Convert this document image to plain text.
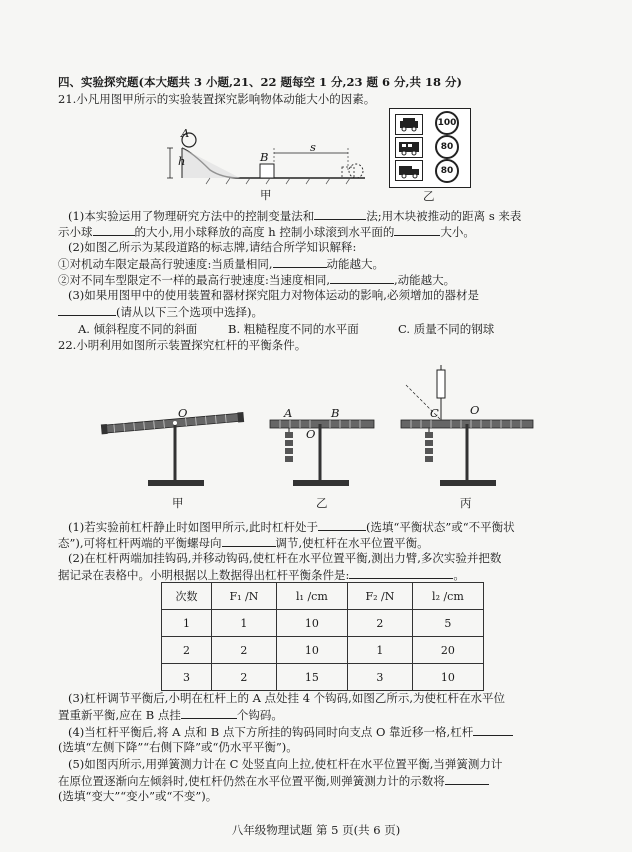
四、实验探究题(本大题共 3 小题,21、22 题每空 1 分,23 题 6 分,共 18 分)
21.小凡用图甲所示的实验装置探究影响物体动能大小的因素。
A
h	B
s
甲
100
80
80
乙
(1)本实验运用了物理研究方法中的控制变量法和	法;用木块被推动的距离 s 来表
示小球	的大小,用小球释放的高度 h 控制小球滚到水平面的	大小。
(2)如图乙所示为某段道路的标志牌,请结合所学知识解释:
①对机动车限定最高行驶速度:当质量相同,	动能越大。
②对不同车型限定不一样的最高行驶速度:当速度相同,	,动能越大。
(3)如果用图甲中的使用装置和器材探究阻力对物体运动的影响,必须增加的器材是
(请从以下三个选项中选择)。
A. 倾斜程度不同的斜面	B. 粗糙程度不同的水平面	C. 质量不同的钢球
22.小明利用如图所示装置探究杠杆的平衡条件。
O
甲
A	B
O
乙
C	O
丙
(1)若实验前杠杆静止时如图甲所示,此时杠杆处于	(选填“平衡状态”或“不平衡状
态”),可将杠杆两端的平衡螺母向	调节,使杠杆在水平位置平衡。
(2)在杠杆两端加挂钩码,并移动钩码,使杠杆在水平位置平衡,测出力臂,多次实验并把数
据记录在表格中。小明根据以上数据得出杠杆平衡条件是:	。
次数	F₁ /N	l₁ /cm	F₂ /N	l₂ /cm
1	1	10	2	5
2	2	10	1	20
3	2	15	3	10
(3)杠杆调节平衡后,小明在杠杆上的 A 点处挂 4 个钩码,如图乙所示,为使杠杆在水平位
置重新平衡,应在 B 点挂	个钩码。
(4)当杠杆平衡后,将 A 点和 B 点下方所挂的钩码同时向支点 O 靠近移一格,杠杆
(选填“左侧下降”“右侧下降”或“仍水平平衡”)。
(5)如图丙所示,用弹簧测力计在 C 处竖直向上拉,使杠杆在水平位置平衡,当弹簧测力计
在原位置逐渐向左倾斜时,使杠杆仍然在水平位置平衡,则弹簧测力计的示数将
(选填“变大”“变小”或“不变”)。
八年级物理试题 第 5 页(共 6 页)
